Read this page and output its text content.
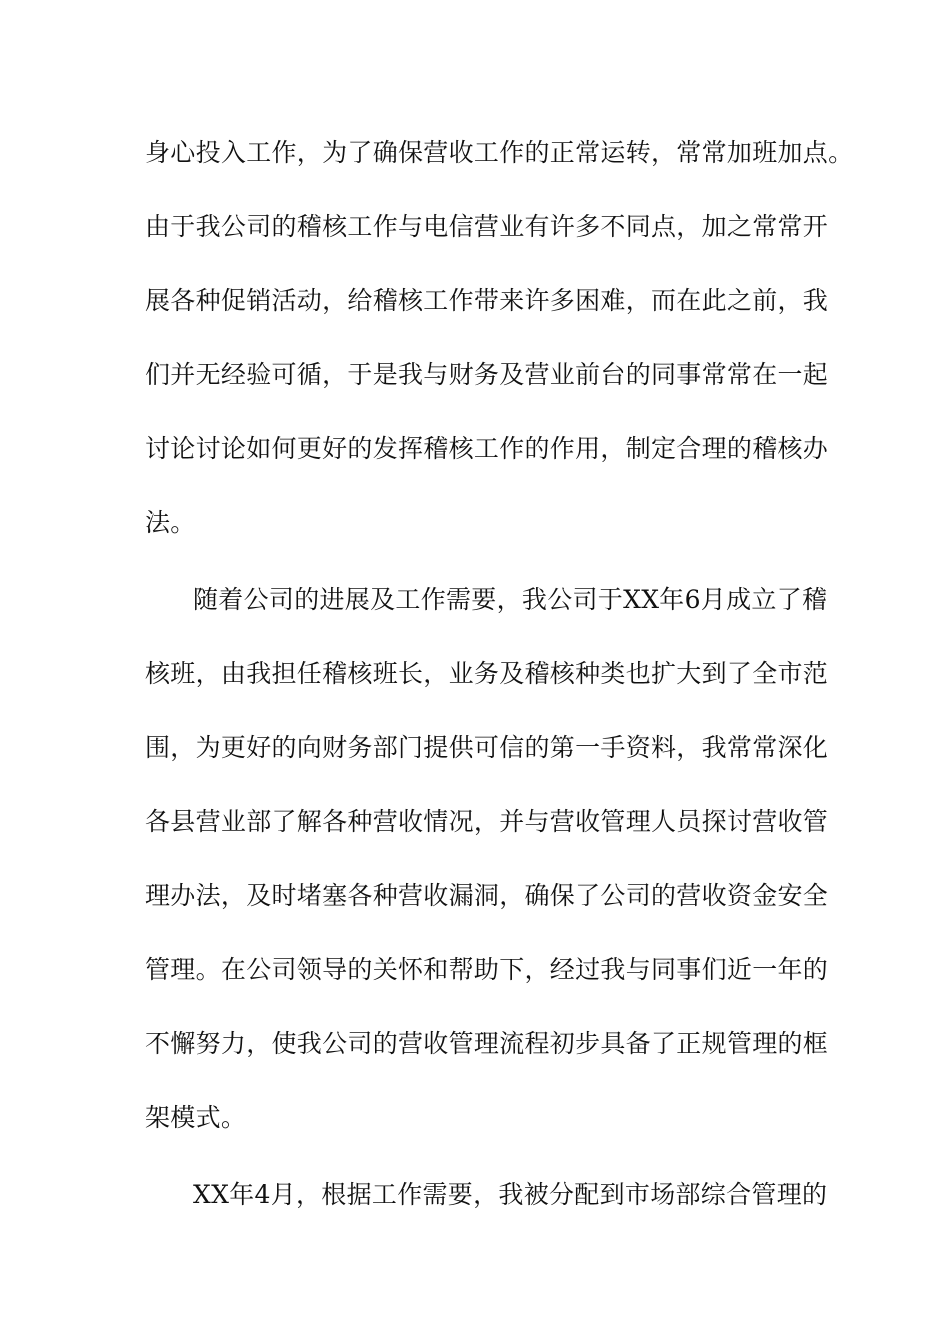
身心投入工作，为了确保营收工作的正常运转，常常加班加点。
由于我公司的稽核工作与电信营业有许多不同点，加之常常开
展各种促销活动，给稽核工作带来许多困难，而在此之前，我
们并无经验可循，于是我与财务及营业前台的同事常常在一起
讨论讨论如何更好的发挥稽核工作的作用，制定合理的稽核办
法。
随着公司的进展及工作需要，我公司于XX年6月成立了稽
核班，由我担任稽核班长，业务及稽核种类也扩大到了全市范
围，为更好的向财务部门提供可信的第一手资料，我常常深化
各县营业部了解各种营收情况，并与营收管理人员探讨营收管
理办法，及时堵塞各种营收漏洞，确保了公司的营收资金安全
管理。在公司领导的关怀和帮助下，经过我与同事们近一年的
不懈努力，使我公司的营收管理流程初步具备了正规管理的框
架模式。
XX年4月，根据工作需要，我被分配到市场部综合管理的
